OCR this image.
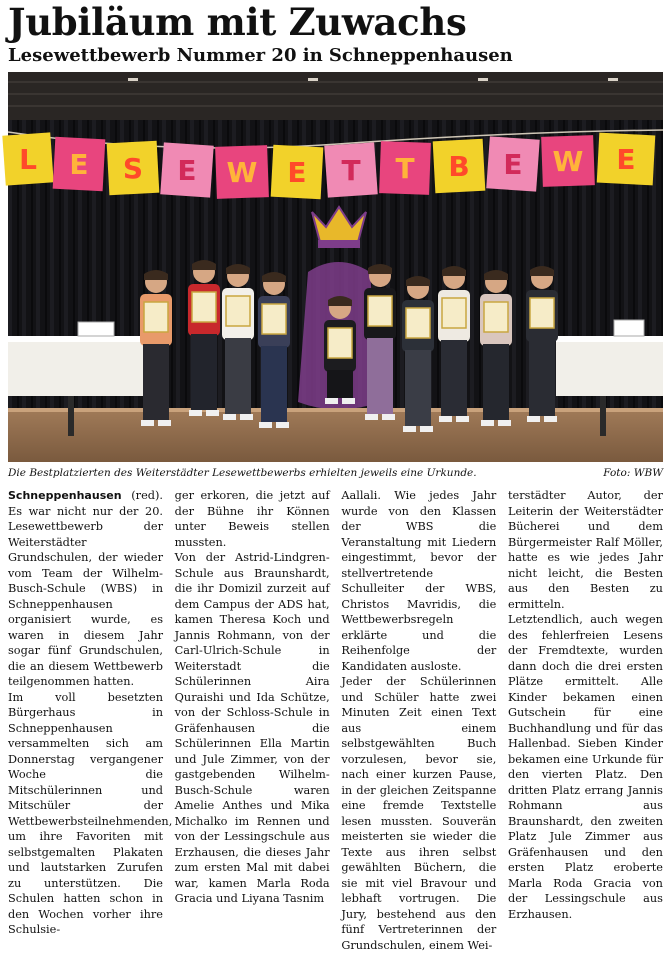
Jubiläum mit Zuwachs
Lesewettbewerb Nummer 20 in Schneppenhausen
L E S E W E T T B E W E
Die Bestplatzierten des Weiterstädter Lesewettbewerbs erhielten jeweils eine Urkunde.	Foto: WBW

Schneppenhausen (red). Es war nicht nur der 20. Lesewettbewerb der Weiterstädter Grundschulen, der wieder vom Team der Wilhelm-Busch-Schule (WBS) in Schneppenhausen organisiert wurde, es waren in diesem Jahr sogar fünf Grundschulen, die an diesem Wettbewerb teilgenommen hatten.

Im voll besetzten Bürgerhaus in Schneppenhausen versammelten sich am Donnerstag vergangener Woche die Mitschülerinnen und Mitschüler der Wettbewerbsteilnehmenden, um ihre Favoriten mit selbstgemalten Plakaten und lautstarken Zurufen zu unterstützen. Die Schulen hatten schon in den Wochen vorher ihre Schulsie-

ger erkoren, die jetzt auf der Bühne ihr Können unter Beweis stellen mussten.

Von der Astrid-Lindgren-Schule aus Braunshardt, die ihr Domizil zurzeit auf dem Campus der ADS hat, kamen Theresa Koch und Jannis Rohmann, von der Carl-Ulrich-Schule in Weiterstadt die Schülerinnen Aira Quraishi und Ida Schütze, von der Schloss-Schule in Gräfenhausen die Schülerinnen Ella Martin und Jule Zimmer, von der gastgebenden Wilhelm-Busch-Schule waren Amelie Anthes und Mika Michalko im Rennen und von der Lessingschule aus Erzhausen, die dieses Jahr zum ersten Mal mit dabei war, kamen Marla Roda Gracia und Liyana Tasnim

Aallali. Wie jedes Jahr wurde von den Klassen der WBS die Veranstaltung mit Liedern eingestimmt, bevor der stellvertretende Schulleiter der WBS, Christos Mavridis, die Wettbewerbsregeln erklärte und die Reihenfolge der Kandidaten ausloste.

Jeder der Schülerinnen und Schüler hatte zwei Minuten Zeit einen Text aus einem selbstgewählten Buch vorzulesen, bevor sie, nach einer kurzen Pause, in der gleichen Zeitspanne eine fremde Textstelle lesen mussten. Souverän meisterten sie wieder die Texte aus ihren selbst gewählten Büchern, die sie mit viel Bravour und lebhaft vortrugen. Die Jury, bestehend aus den fünf Vertreterinnen der Grundschulen, einem Wei-

terstädter Autor, der Leiterin der Weiterstädter Bücherei und dem Bürgermeister Ralf Möller, hatte es wie jedes Jahr nicht leicht, die Besten aus den Besten zu ermitteln.

Letztendlich, auch wegen des fehlerfreien Lesens der Fremdtexte, wurden dann doch die drei ersten Plätze ermittelt. Alle Kinder bekamen einen Gutschein für eine Buchhandlung und für das Hallenbad. Sieben Kinder bekamen eine Urkunde für den vierten Platz. Den dritten Platz errang Jannis Rohmann aus Braunshardt, den zweiten Platz Jule Zimmer aus Gräfenhausen und den ersten Platz eroberte Marla Roda Gracia von der Lessingschule aus Erzhausen.
